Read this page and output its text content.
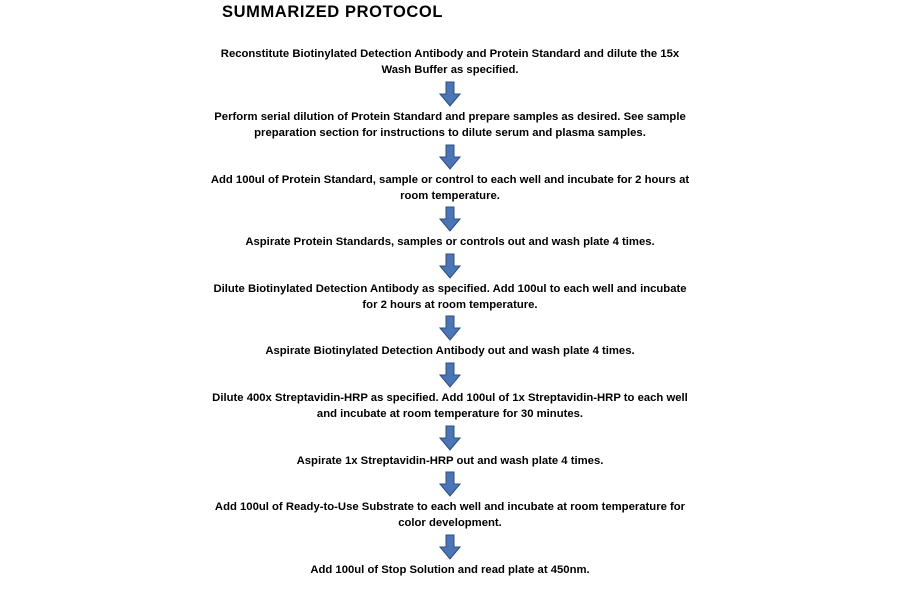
SUMMARIZED PROTOCOL
Reconstitute Biotinylated Detection Antibody and Protein Standard and dilute the 15x Wash Buffer as specified.
Perform serial dilution of Protein Standard and prepare samples as desired. See sample preparation section for instructions to dilute serum and plasma samples.
Add 100ul of Protein Standard, sample or control to each well and incubate for 2 hours at room temperature.
Aspirate Protein Standards, samples or controls out and wash plate 4 times.
Dilute Biotinylated Detection Antibody as specified. Add 100ul to each well and incubate for 2 hours at room temperature.
Aspirate Biotinylated Detection Antibody out and wash plate 4 times.
Dilute 400x Streptavidin-HRP as specified. Add 100ul of 1x Streptavidin-HRP to each well and incubate at room temperature for 30 minutes.
Aspirate 1x Streptavidin-HRP out and wash plate 4 times.
Add 100ul of Ready-to-Use Substrate to each well and incubate at room temperature for color development.
Add 100ul of Stop Solution and read plate at 450nm.
